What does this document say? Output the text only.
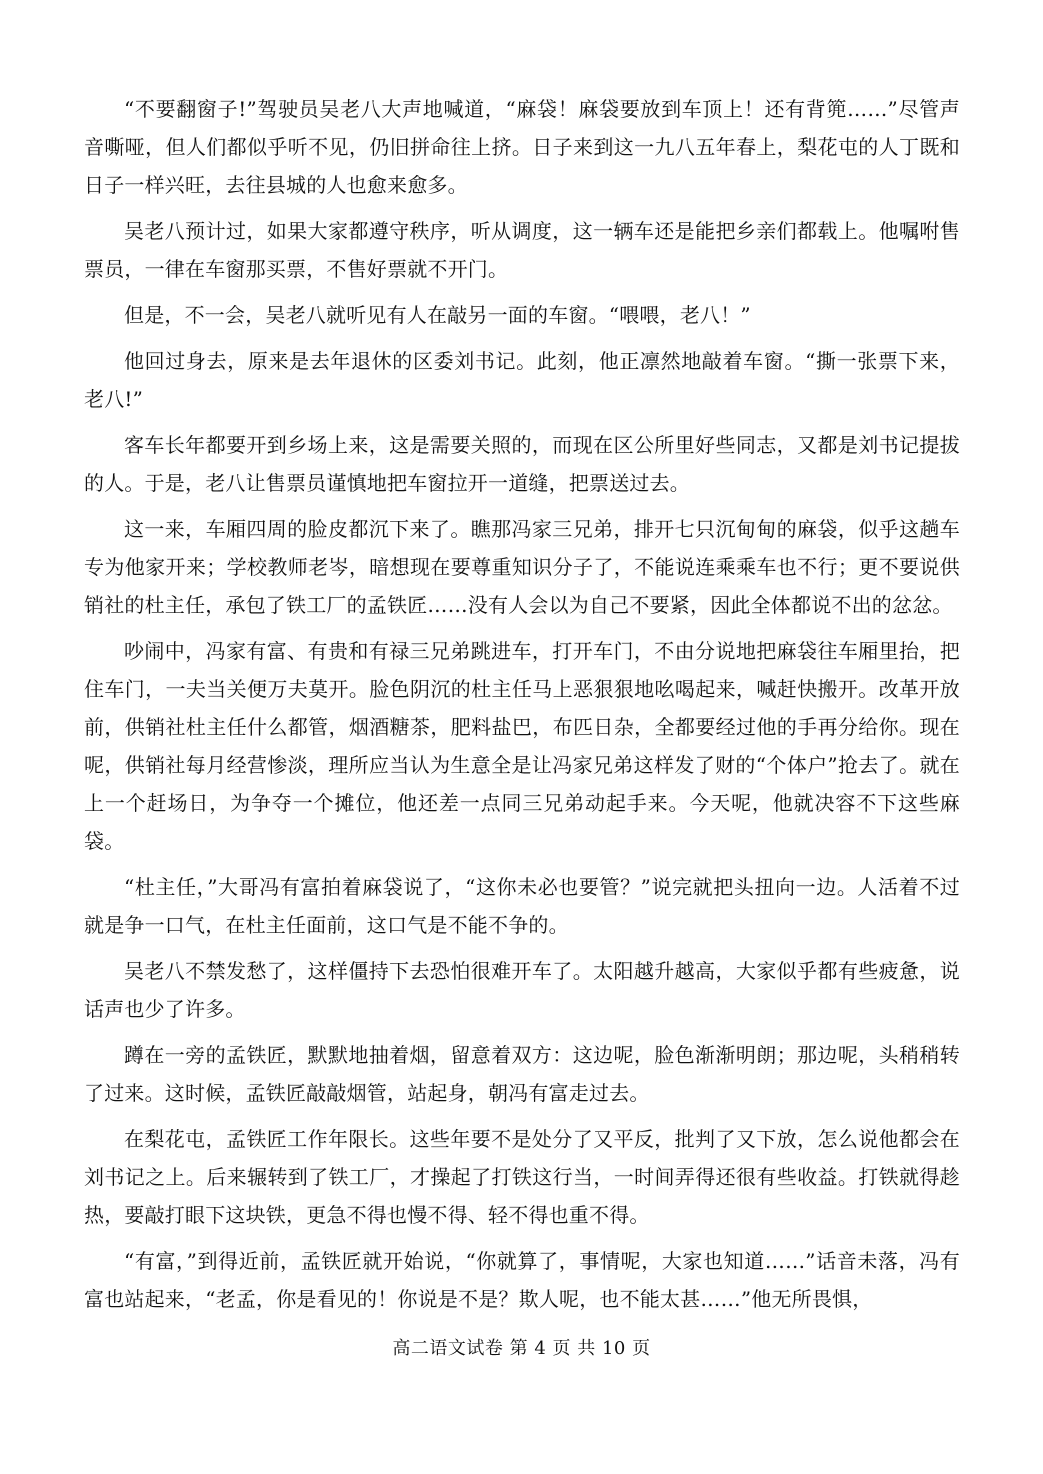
“不要翻窗子!”驾驶员吴老八大声地喊道，“麻袋！麻袋要放到车顶上！还有背篼……”尽管声音嘶哑，但人们都似乎听不见，仍旧拼命往上挤。日子来到这一九八五年春上，梨花屯的人丁既和日子一样兴旺，去往县城的人也愈来愈多。

吴老八预计过，如果大家都遵守秩序，听从调度，这一辆车还是能把乡亲们都载上。他嘱咐售票员，一律在车窗那买票，不售好票就不开门。

但是，不一会，吴老八就听见有人在敲另一面的车窗。“喂喂，老八！”

他回过身去，原来是去年退休的区委刘书记。此刻，他正凛然地敲着车窗。“撕一张票下来，老八!”

客车长年都要开到乡场上来，这是需要关照的，而现在区公所里好些同志，又都是刘书记提拔的人。于是，老八让售票员谨慎地把车窗拉开一道缝，把票送过去。

这一来，车厢四周的脸皮都沉下来了。瞧那冯家三兄弟，排开七只沉甸甸的麻袋，似乎这趟车专为他家开来；学校教师老岑，暗想现在要尊重知识分子了，不能说连乘乘车也不行；更不要说供销社的杜主任，承包了铁工厂的孟铁匠……没有人会以为自己不要紧，因此全体都说不出的忿忿。

吵闹中，冯家有富、有贵和有禄三兄弟跳进车，打开车门，不由分说地把麻袋往车厢里抬，把住车门，一夫当关便万夫莫开。脸色阴沉的杜主任马上恶狠狠地吆喝起来，喊赶快搬开。改革开放前，供销社杜主任什么都管，烟酒糖茶，肥料盐巴，布匹日杂，全都要经过他的手再分给你。现在呢，供销社每月经营惨淡，理所应当认为生意全是让冯家兄弟这样发了财的“个体户”抢去了。就在上一个赶场日，为争夺一个摊位，他还差一点同三兄弟动起手来。今天呢，他就决容不下这些麻袋。

“杜主任，”大哥冯有富拍着麻袋说了，“这你未必也要管？”说完就把头扭向一边。人活着不过就是争一口气，在杜主任面前，这口气是不能不争的。

吴老八不禁发愁了，这样僵持下去恐怕很难开车了。太阳越升越高，大家似乎都有些疲惫，说话声也少了许多。

蹲在一旁的孟铁匠，默默地抽着烟，留意着双方：这边呢，脸色渐渐明朗；那边呢，头稍稍转了过来。这时候，孟铁匠敲敲烟管，站起身，朝冯有富走过去。

在梨花屯，孟铁匠工作年限长。这些年要不是处分了又平反，批判了又下放，怎么说他都会在刘书记之上。后来辗转到了铁工厂，才操起了打铁这行当，一时间弄得还很有些收益。打铁就得趁热，要敲打眼下这块铁，更急不得也慢不得、轻不得也重不得。

“有富，”到得近前，孟铁匠就开始说，“你就算了，事情呢，大家也知道……”话音未落，冯有富也站起来，“老孟，你是看见的！你说是不是？欺人呢，也不能太甚……”他无所畏惧，

高二语文试卷 第 4 页 共 10 页
